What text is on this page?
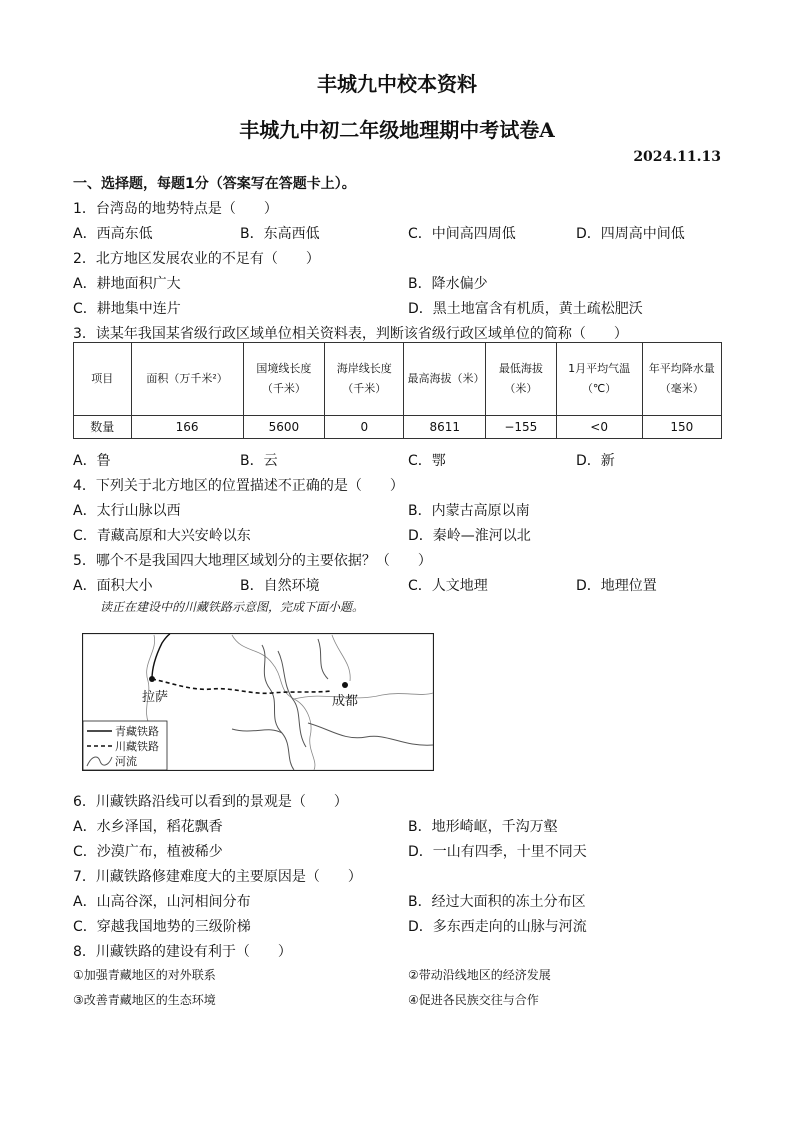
丰城九中校本资料
丰城九中初二年级地理期中考试卷A
2024.11.13
一、选择题，每题1分（答案写在答题卡上）。
1．台湾岛的地势特点是（　　）
A．西高东低	B．东高西低	C．中间高四周低	D．四周高中间低
2．北方地区发展农业的不足有（　　）
A．耕地面积广大	B．降水偏少
C．耕地集中连片	D．黑土地富含有机质，黄土疏松肥沃
3．读某年我国某省级行政区域单位相关资料表，判断该省级行政区域单位的简称（　　）
项目	面积（万千米²）	国境线长度（千米）	海岸线长度（千米）	最高海拔（米）	最低海拔（米）	1月平均气温（℃）	年平均降水量（毫米）
数量	166	5600	0	8611	−155	<0	150
A．鲁	B．云	C．鄂	D．新
4．下列关于北方地区的位置描述不正确的是（　　）
A．太行山脉以西	B．内蒙古高原以南
C．青藏高原和大兴安岭以东	D．秦岭—淮河以北
5．哪个不是我国四大地理区域划分的主要依据？（　　）
A．面积大小	B．自然环境	C．人文地理	D．地理位置
读正在建设中的川藏铁路示意图，完成下面小题。
拉萨	成都
青藏铁路
川藏铁路
河流
6．川藏铁路沿线可以看到的景观是（　　）
A．水乡泽国，稻花飘香	B．地形崎岖，千沟万壑
C．沙漠广布，植被稀少	D．一山有四季，十里不同天
7．川藏铁路修建难度大的主要原因是（　　）
A．山高谷深，山河相间分布	B．经过大面积的冻土分布区
C．穿越我国地势的三级阶梯	D．多东西走向的山脉与河流
8．川藏铁路的建设有利于（　　）
①加强青藏地区的对外联系	②带动沿线地区的经济发展
③改善青藏地区的生态环境	④促进各民族交往与合作
